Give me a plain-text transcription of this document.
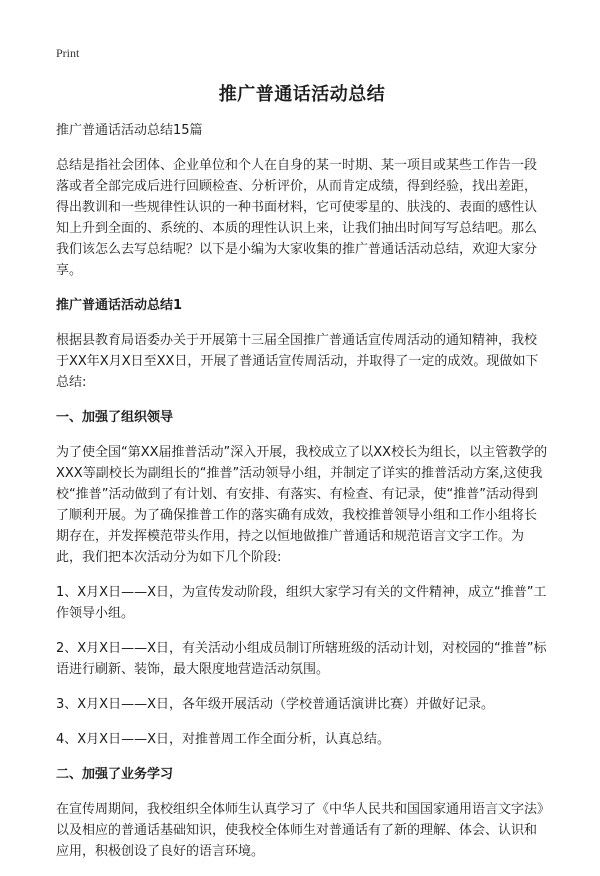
Print
推广普通话活动总结

推广普通话活动总结15篇

总结是指社会团体、企业单位和个人在自身的某一时期、某一项目或某些工作告一段落或者全部完成后进行回顾检查、分析评价，从而肯定成绩，得到经验，找出差距，得出教训和一些规律性认识的一种书面材料，它可使零星的、肤浅的、表面的感性认知上升到全面的、系统的、本质的理性认识上来，让我们抽出时间写写总结吧。那么我们该怎么去写总结呢？以下是小编为大家收集的推广普通话活动总结，欢迎大家分享。

推广普通话活动总结1

根据县教育局语委办关于开展第十三届全国推广普通话宣传周活动的通知精神，我校于XX年X月X日至XX日，开展了普通话宣传周活动，并取得了一定的成效。现做如下总结:

一、加强了组织领导

为了使全国“第XX届推普活动”深入开展，我校成立了以XX校长为组长，以主管教学的XXX等副校长为副组长的“推普”活动领导小组，并制定了详实的推普活动方案,这使我校“推普”活动做到了有计划、有安排、有落实、有检查、有记录，使“推普”活动得到了顺利开展。为了确保推普工作的落实确有成效，我校推普领导小组和工作小组将长期存在，并发挥模范带头作用，持之以恒地做推广普通话和规范语言文字工作。为此，我们把本次活动分为如下几个阶段:

1、X月X日——X日，为宣传发动阶段，组织大家学习有关的文件精神，成立“推普”工作领导小组。

2、X月X日——X日，有关活动小组成员制订所辖班级的活动计划，对校园的“推普”标语进行刷新、装饰，最大限度地营造活动氛围。

3、X月X日——X日，各年级开展活动（学校普通话演讲比赛）并做好记录。

4、X月X日——X日，对推普周工作全面分析，认真总结。

二、加强了业务学习

在宣传周期间，我校组织全体师生认真学习了《中华人民共和国国家通用语言文字法》以及相应的普通话基础知识，使我校全体师生对普通话有了新的理解、体会、认识和应用，积极创设了良好的语言环境。
